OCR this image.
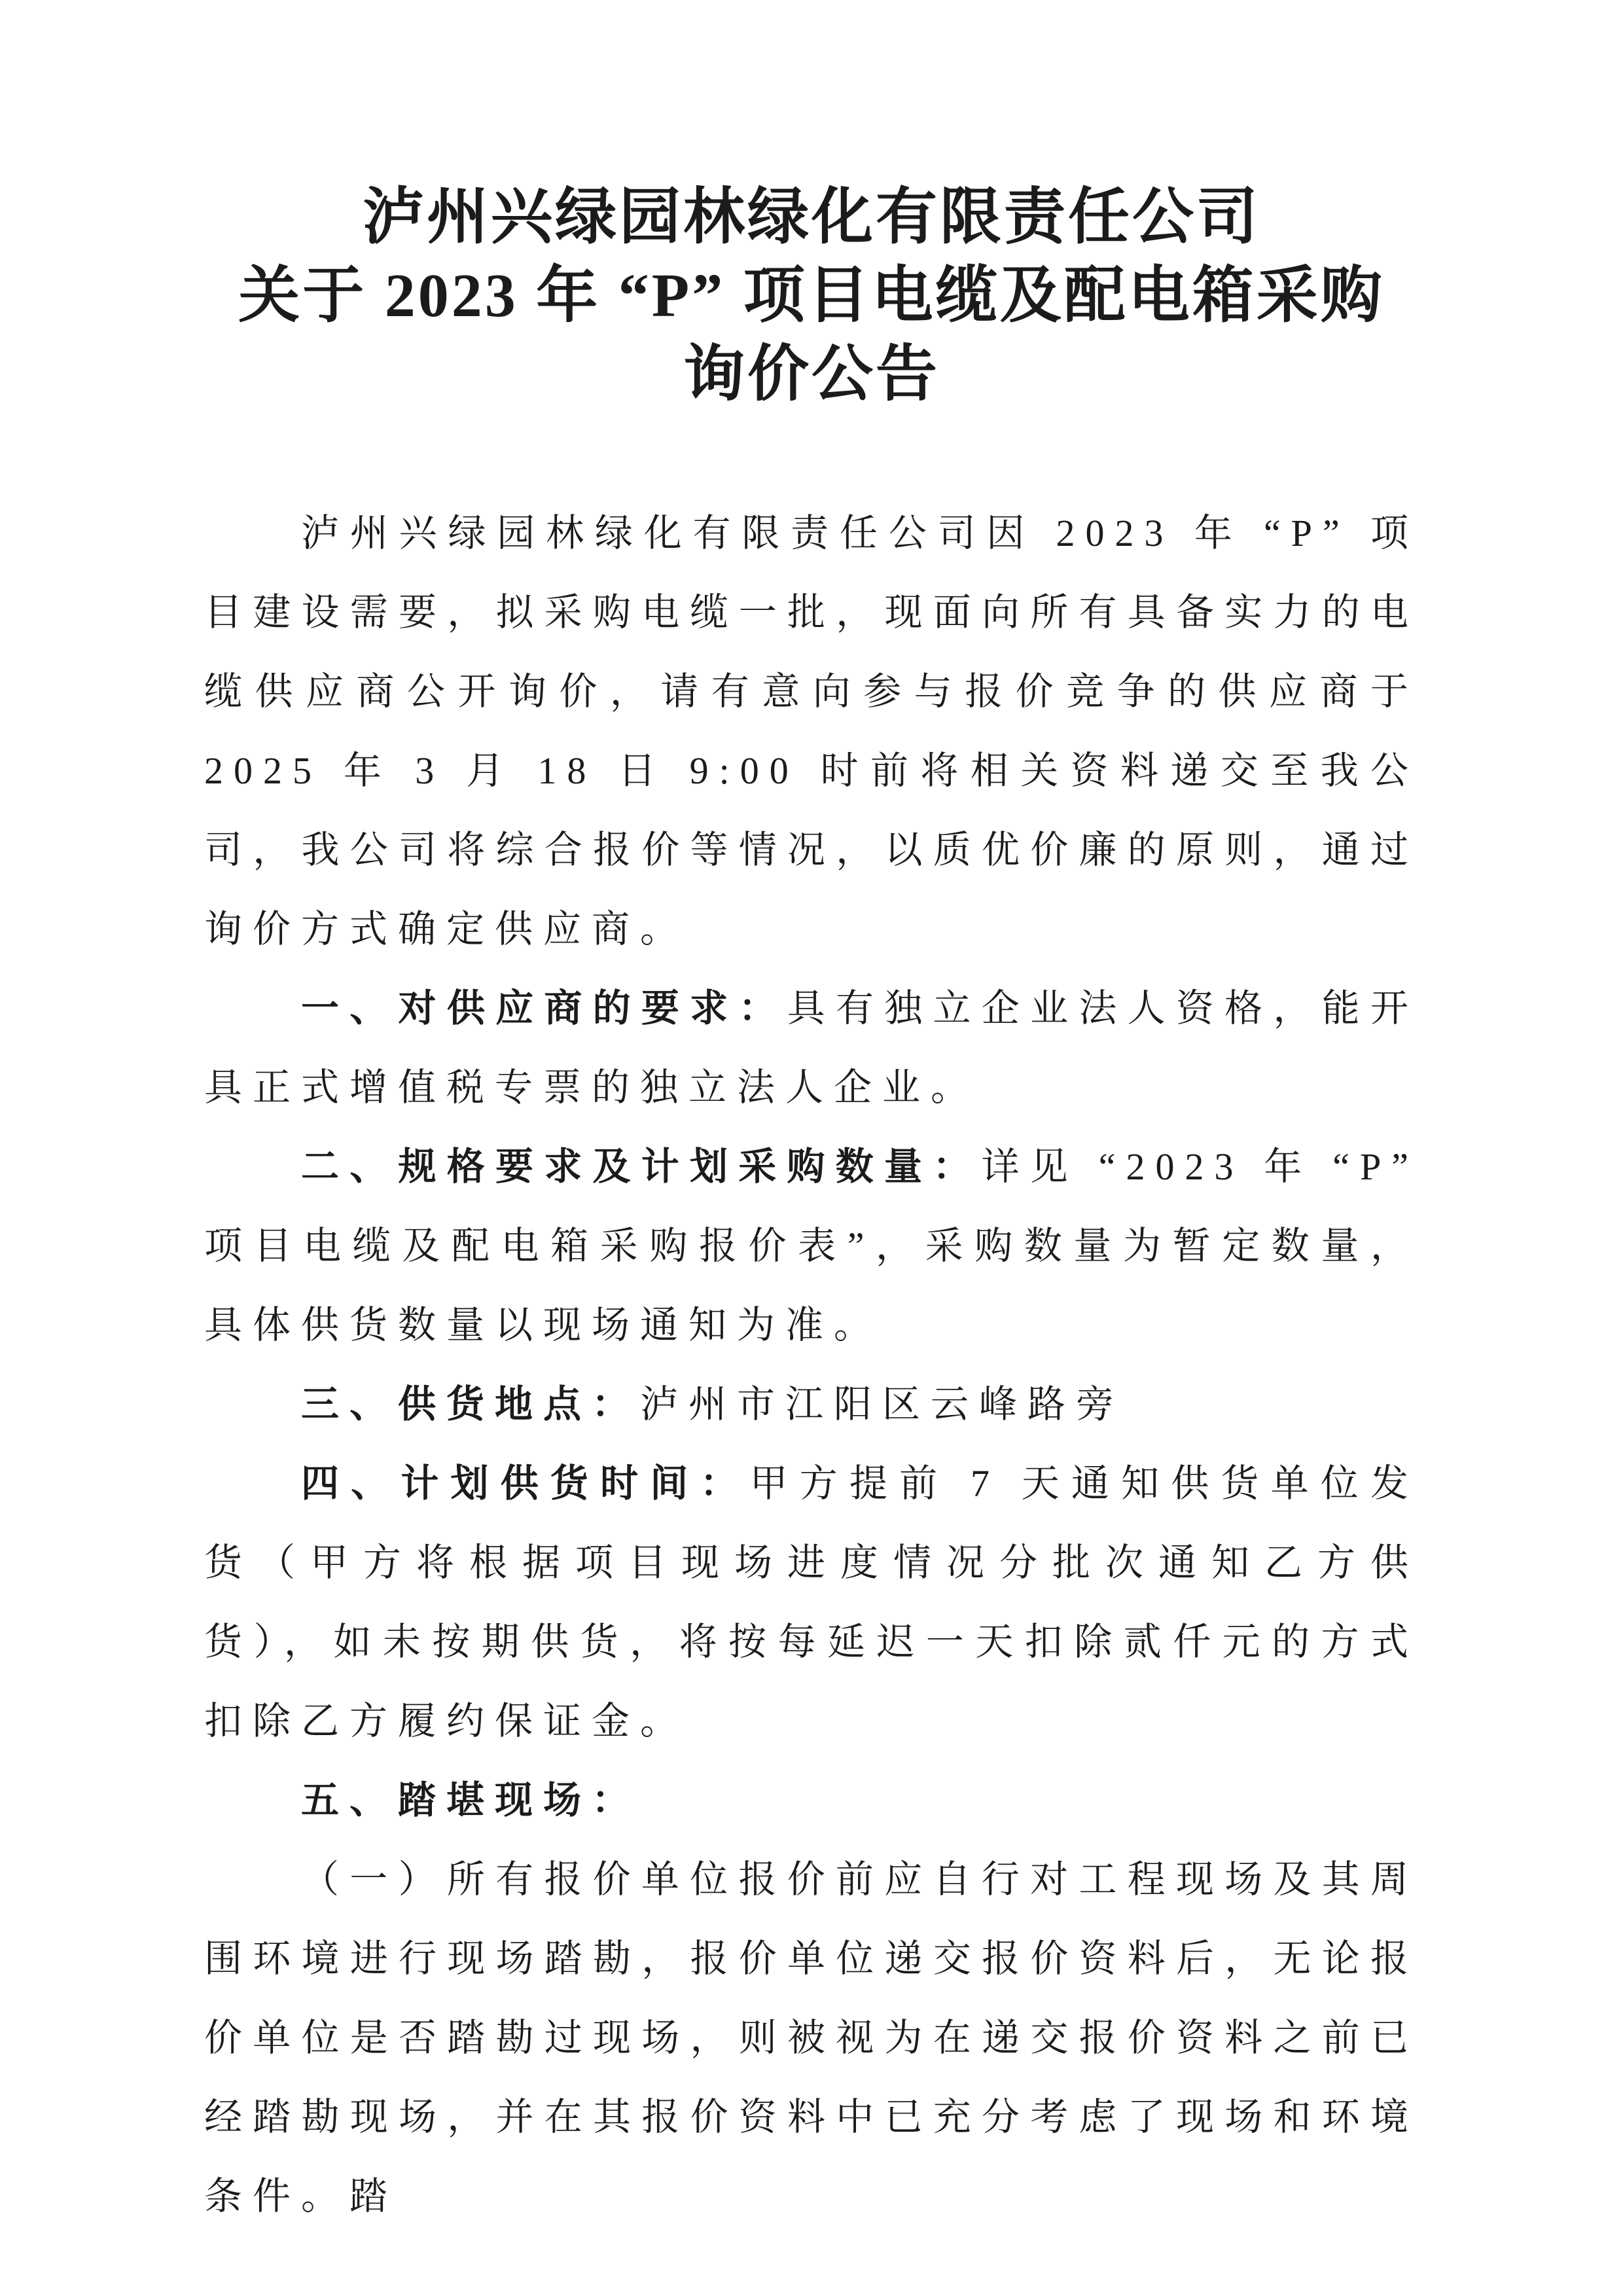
泸州兴绿园林绿化有限责任公司
关于 2023 年 “P” 项目电缆及配电箱采购
询价公告

泸州兴绿园林绿化有限责任公司因 2023 年 “P” 项目建设需要，拟采购电缆一批，现面向所有具备实力的电缆供应商公开询价，请有意向参与报价竞争的供应商于 2025 年 3 月 18 日 9:00 时前将相关资料递交至我公司，我公司将综合报价等情况，以质优价廉的原则，通过询价方式确定供应商。

一、对供应商的要求：具有独立企业法人资格，能开具正式增值税专票的独立法人企业。

二、规格要求及计划采购数量：详见 “2023 年 “P” 项目电缆及配电箱采购报价表”，采购数量为暂定数量，具体供货数量以现场通知为准。

三、供货地点：泸州市江阳区云峰路旁

四、计划供货时间：甲方提前 7 天通知供货单位发货（甲方将根据项目现场进度情况分批次通知乙方供货），如未按期供货，将按每延迟一天扣除贰仟元的方式扣除乙方履约保证金。

五、踏堪现场：

（一）所有报价单位报价前应自行对工程现场及其周围环境进行现场踏勘，报价单位递交报价资料后，无论报价单位是否踏勘过现场，则被视为在递交报价资料之前已经踏勘现场，并在其报价资料中已充分考虑了现场和环境条件。踏
